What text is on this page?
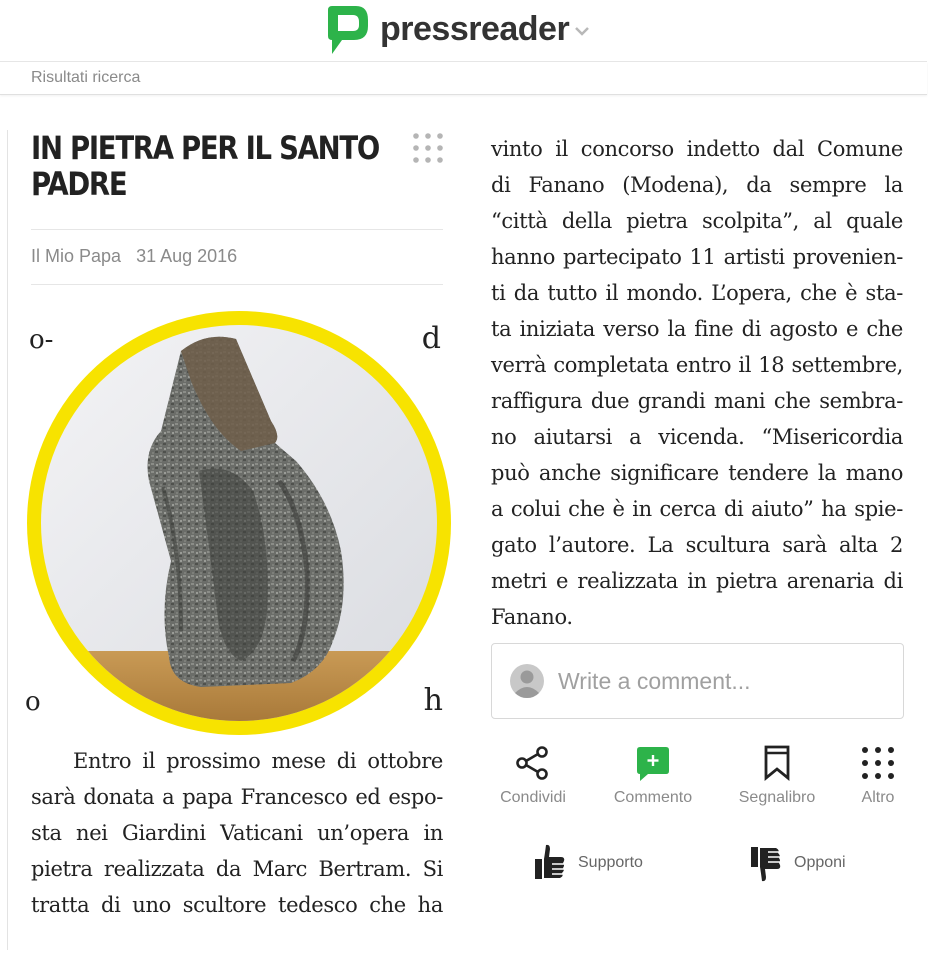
pressreader
Risultati ricerca
IN PIETRA PER IL SANTO
PADRE
Il Mio Papa 31 Aug 2016
o-	d
o	h
Entro il prossimo mese di ottobre
sarà donata a papa Francesco ed espo-
sta nei Giardini Vaticani un’opera in
pietra realizzata da Marc Bertram. Si
tratta di uno scultore tedesco che ha
vinto il concorso indetto dal Comune
di Fanano (Modena), da sempre la
“città della pietra scolpita”, al quale
hanno partecipato 11 artisti provenien-
ti da tutto il mondo. L’opera, che è sta-
ta iniziata verso la fine di agosto e che
verrà completata entro il 18 settembre,
raffigura due grandi mani che sembra-
no aiutarsi a vicenda. “Misericordia
può anche significare tendere la mano
a colui che è in cerca di aiuto” ha spie-
gato l’autore. La scultura sarà alta 2
metri e realizzata in pietra arenaria di
Fanano.
Write a comment...
Condividi	Commento	Segnalibro	Altro
Supporto	Opponi
